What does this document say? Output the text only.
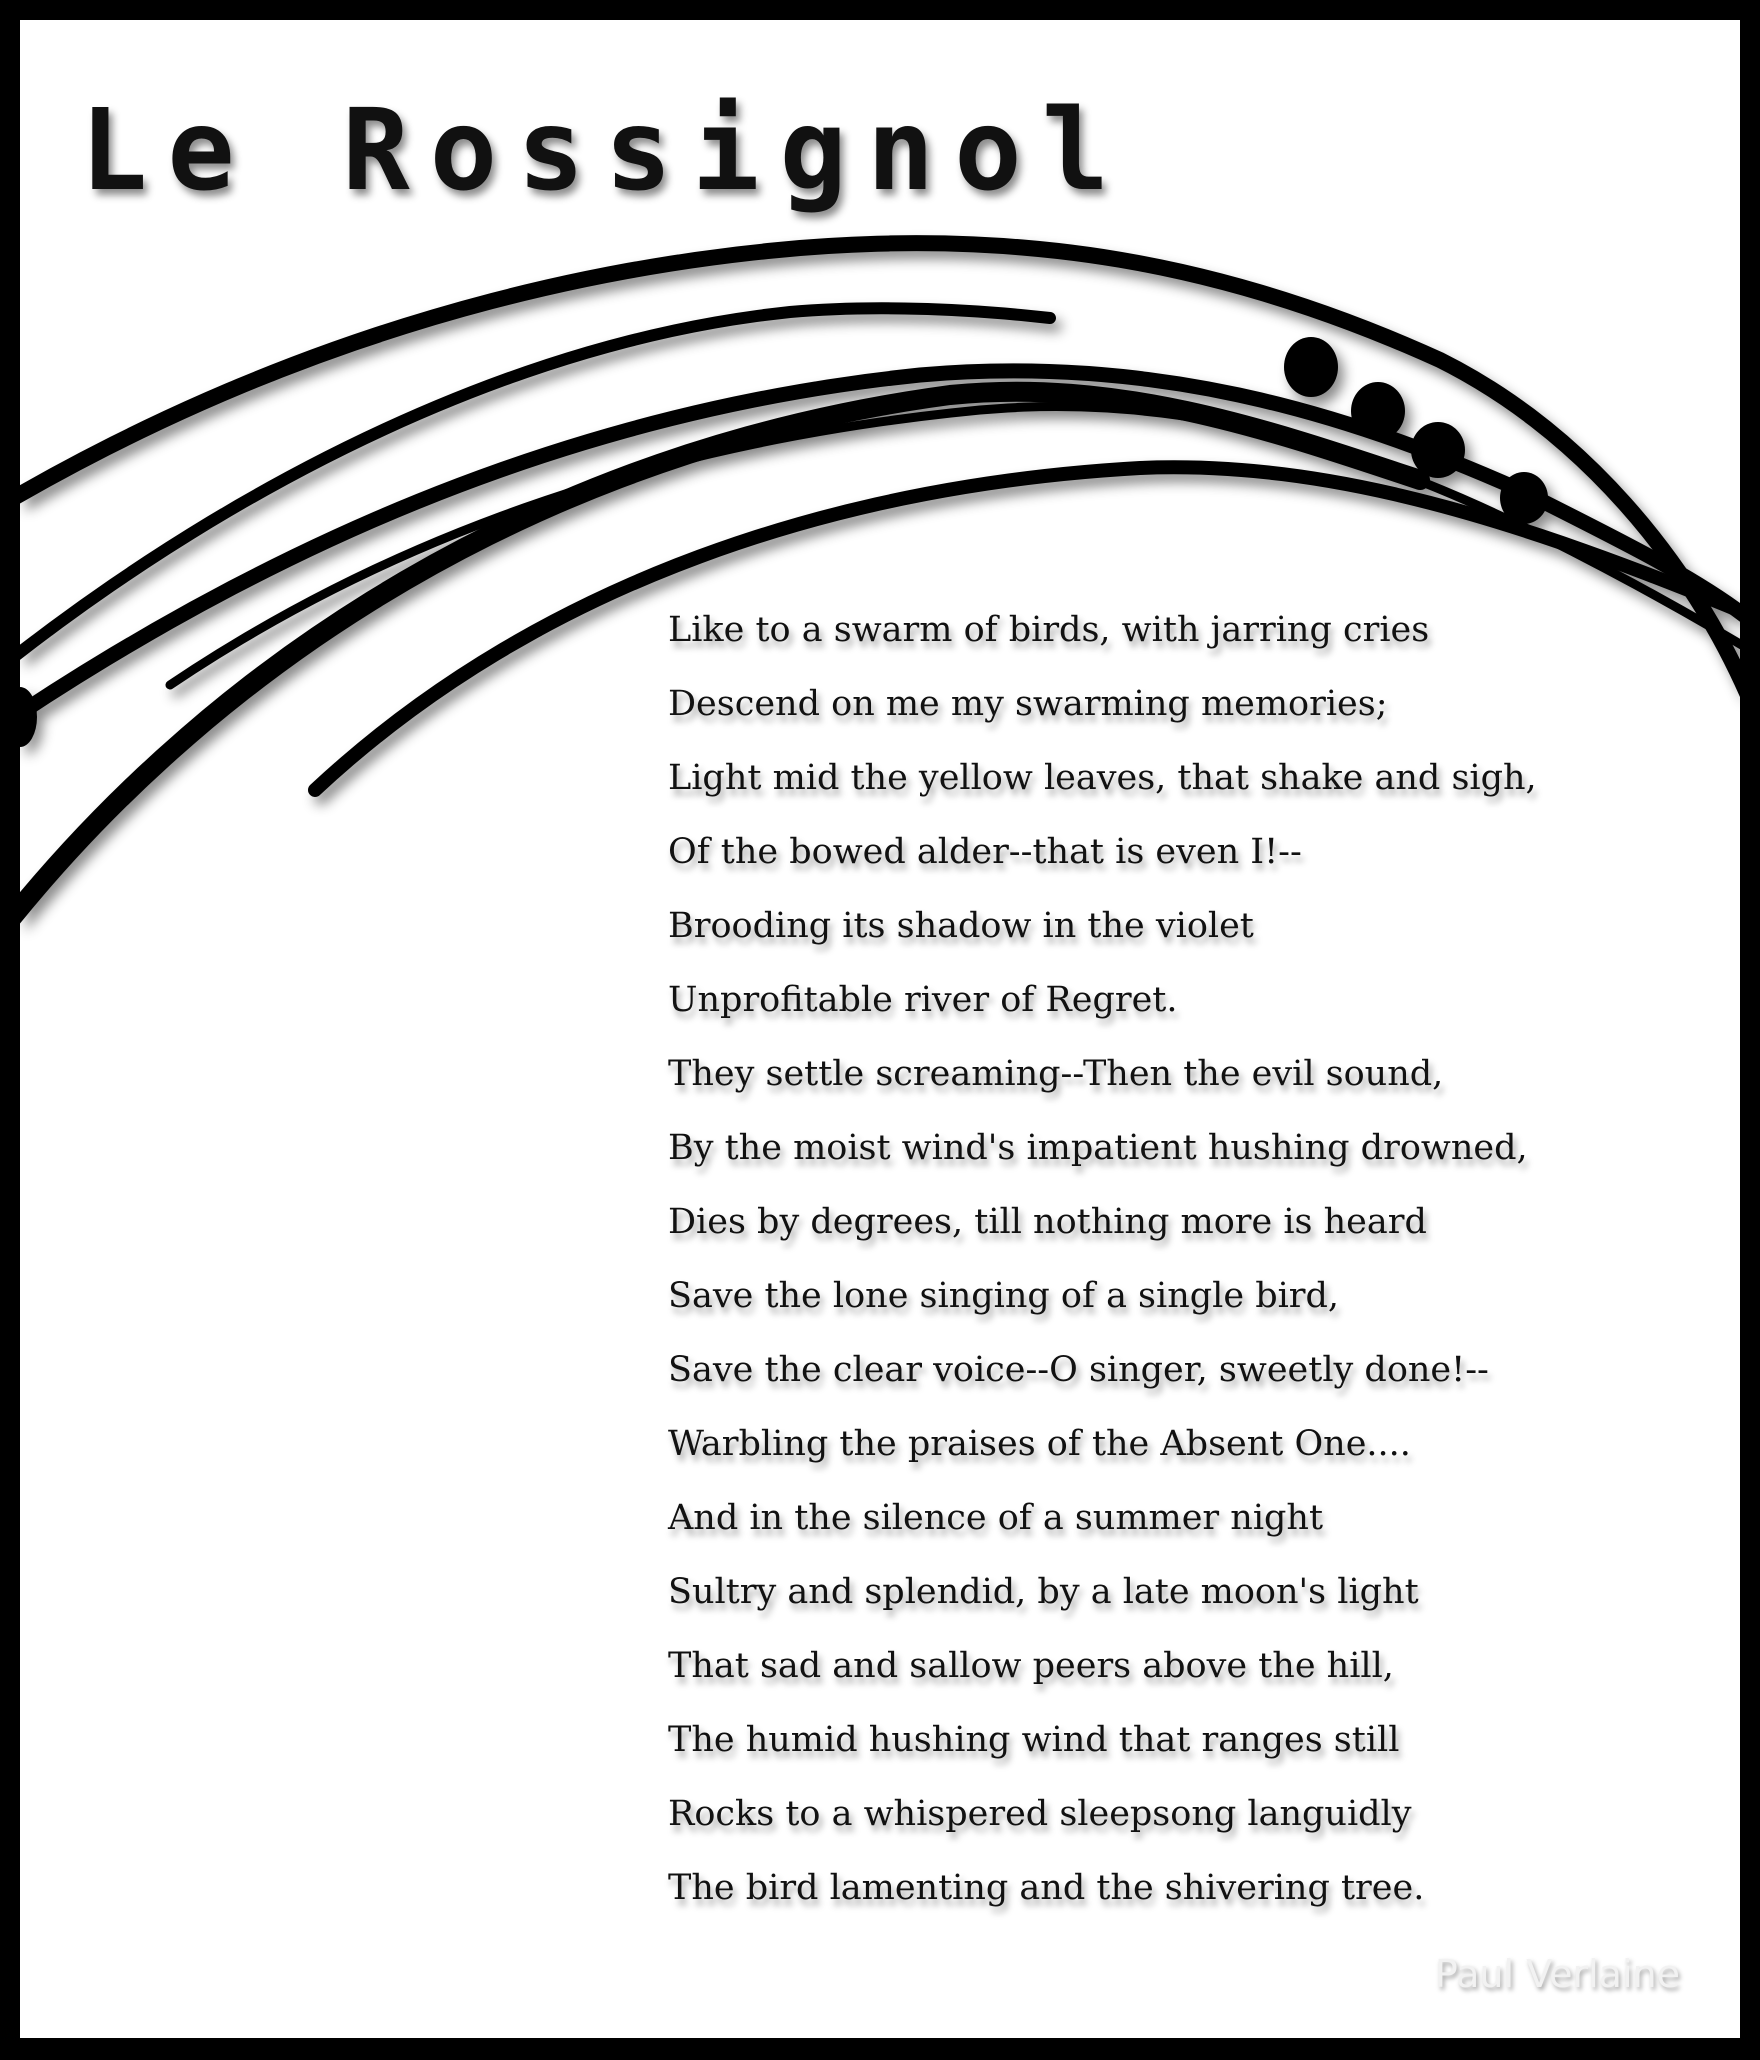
Le Rossignol
Like to a swarm of birds, with jarring cries
Descend on me my swarming memories;
Light mid the yellow leaves, that shake and sigh,
Of the bowed alder--that is even I!--
Brooding its shadow in the violet
Unprofitable river of Regret.
They settle screaming--Then the evil sound,
By the moist wind's impatient hushing drowned,
Dies by degrees, till nothing more is heard
Save the lone singing of a single bird,
Save the clear voice--O singer, sweetly done!--
Warbling the praises of the Absent One....
And in the silence of a summer night
Sultry and splendid, by a late moon's light
That sad and sallow peers above the hill,
The humid hushing wind that ranges still
Rocks to a whispered sleepsong languidly
The bird lamenting and the shivering tree.
Paul Verlaine
